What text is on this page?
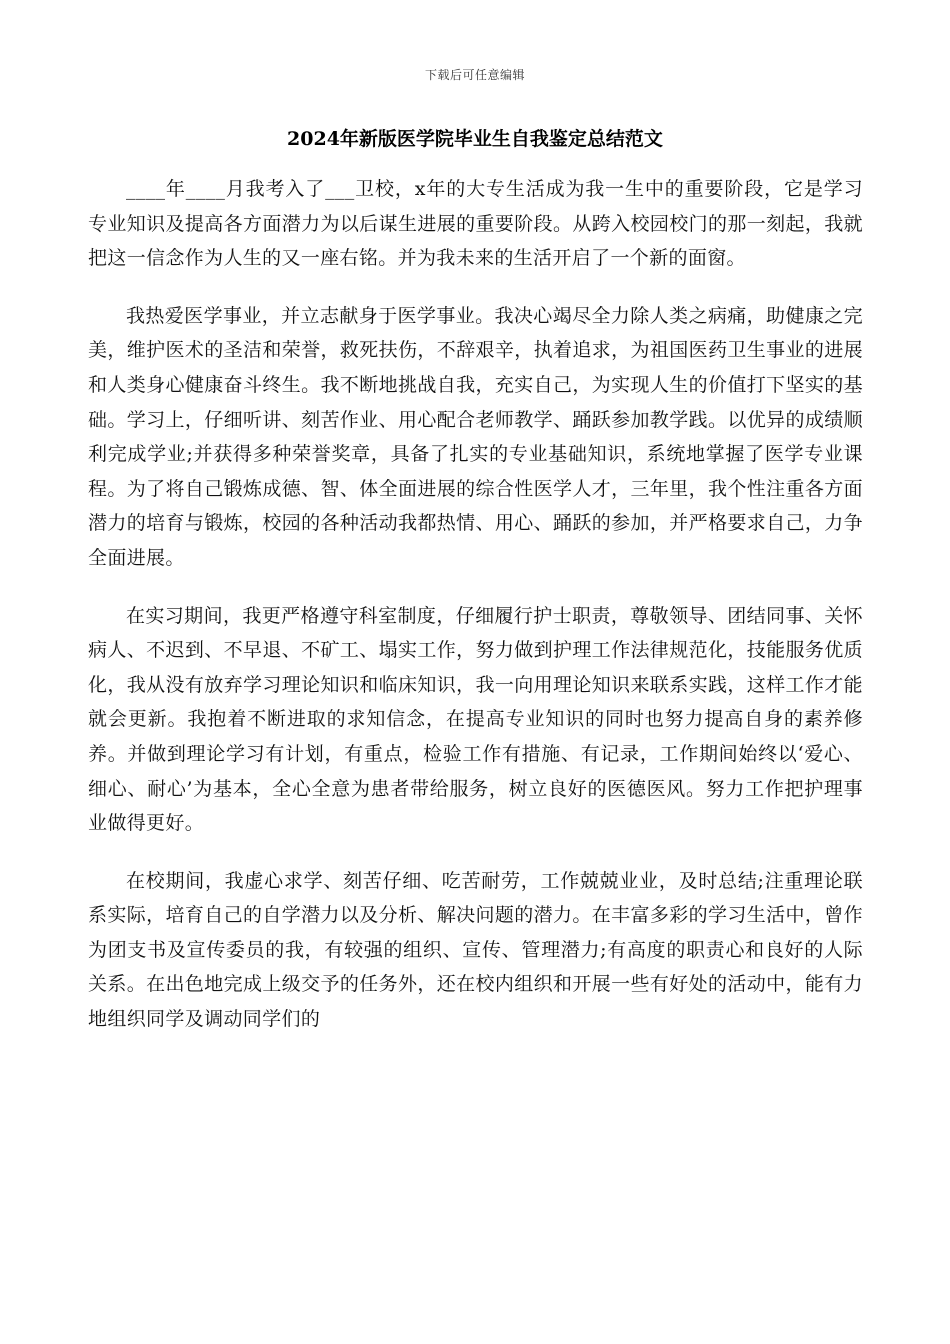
下载后可任意编辑
2024年新版医学院毕业生自我鉴定总结范文

____年____月我考入了___卫校，x年的大专生活成为我一生中的重要阶段，它是学习专业知识及提高各方面潜力为以后谋生进展的重要阶段。从跨入校园校门的那一刻起，我就把这一信念作为人生的又一座右铭。并为我未来的生活开启了一个新的面窗。

我热爱医学事业，并立志献身于医学事业。我决心竭尽全力除人类之病痛，助健康之完美，维护医术的圣洁和荣誉，救死扶伤，不辞艰辛，执着追求，为祖国医药卫生事业的进展和人类身心健康奋斗终生。我不断地挑战自我，充实自己，为实现人生的价值打下坚实的基础。学习上，仔细听讲、刻苦作业、用心配合老师教学、踊跃参加教学践。以优异的成绩顺利完成学业;并获得多种荣誉奖章，具备了扎实的专业基础知识，系统地掌握了医学专业课程。为了将自己锻炼成德、智、体全面进展的综合性医学人才，三年里，我个性注重各方面潜力的培育与锻炼，校园的各种活动我都热情、用心、踊跃的参加，并严格要求自己，力争全面进展。

在实习期间，我更严格遵守科室制度，仔细履行护士职责，尊敬领导、团结同事、关怀病人、不迟到、不早退、不矿工、塌实工作，努力做到护理工作法律规范化，技能服务优质化，我从没有放弃学习理论知识和临床知识，我一向用理论知识来联系实践，这样工作才能就会更新。我抱着不断进取的求知信念，在提高专业知识的同时也努力提高自身的素养修养。并做到理论学习有计划，有重点，检验工作有措施、有记录，工作期间始终以‘爱心、细心、耐心’为基本，全心全意为患者带给服务，树立良好的医德医风。努力工作把护理事业做得更好。

在校期间，我虚心求学、刻苦仔细、吃苦耐劳，工作兢兢业业，及时总结;注重理论联系实际，培育自己的自学潜力以及分析、解决问题的潜力。在丰富多彩的学习生活中，曾作为团支书及宣传委员的我，有较强的组织、宣传、管理潜力;有高度的职责心和良好的人际关系。在出色地完成上级交予的任务外，还在校内组织和开展一些有好处的活动中，能有力地组织同学及调动同学们的
